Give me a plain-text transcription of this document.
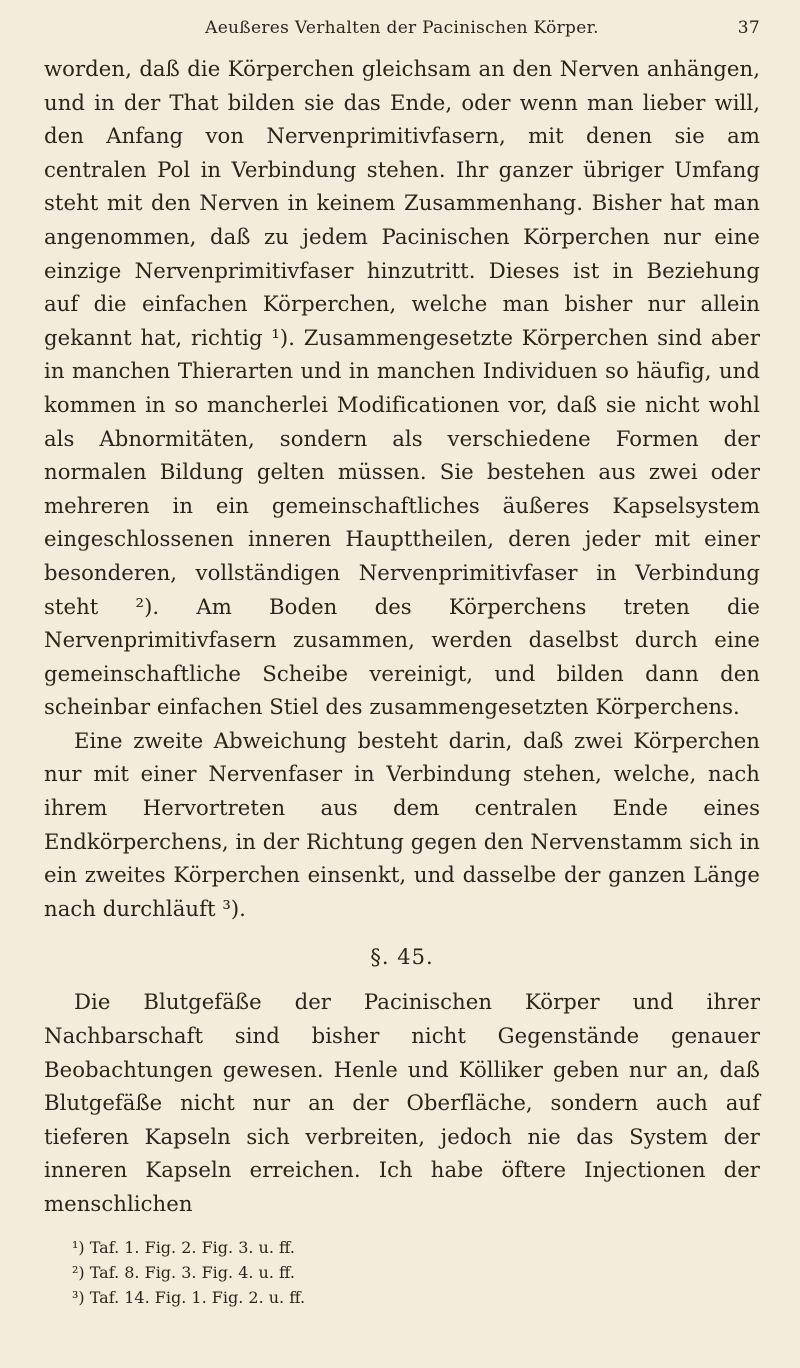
Aeußeres Verhalten der Pacinischen Körper.	37

worden, daß die Körperchen gleichsam an den Nerven anhängen, und in der That bilden sie das Ende, oder wenn man lieber will, den Anfang von Nervenprimitivfasern, mit denen sie am centralen Pol in Verbindung stehen. Ihr ganzer übriger Umfang steht mit den Nerven in keinem Zusammenhang. Bisher hat man angenommen, daß zu jedem Pacinischen Körperchen nur eine einzige Nervenprimitivfaser hinzutritt. Dieses ist in Beziehung auf die einfachen Körperchen, welche man bisher nur allein gekannt hat, richtig ¹). Zusammengesetzte Körperchen sind aber in manchen Thierarten und in manchen Individuen so häufig, und kommen in so mancherlei Modificationen vor, daß sie nicht wohl als Abnormitäten, sondern als verschiedene Formen der normalen Bildung gelten müssen. Sie bestehen aus zwei oder mehreren in ein gemeinschaftliches äußeres Kapselsystem eingeschlossenen inneren Haupttheilen, deren jeder mit einer besonderen, vollständigen Nervenprimitivfaser in Verbindung steht ²). Am Boden des Körperchens treten die Nervenprimitivfasern zusammen, werden daselbst durch eine gemeinschaftliche Scheibe vereinigt, und bilden dann den scheinbar einfachen Stiel des zusammengesetzten Körperchens.

Eine zweite Abweichung besteht darin, daß zwei Körperchen nur mit einer Nervenfaser in Verbindung stehen, welche, nach ihrem Hervortreten aus dem centralen Ende eines Endkörperchens, in der Richtung gegen den Nervenstamm sich in ein zweites Körperchen einsenkt, und dasselbe der ganzen Länge nach durchläuft ³).

§. 45.

Die Blutgefäße der Pacinischen Körper und ihrer Nachbarschaft sind bisher nicht Gegenstände genauer Beobachtungen gewesen. Henle und Kölliker geben nur an, daß Blutgefäße nicht nur an der Oberfläche, sondern auch auf tieferen Kapseln sich verbreiten, jedoch nie das System der inneren Kapseln erreichen. Ich habe öftere Injectionen der menschlichen

¹) Taf. 1. Fig. 2. Fig. 3. u. ff.
²) Taf. 8. Fig. 3. Fig. 4. u. ff.
³) Taf. 14. Fig. 1. Fig. 2. u. ff.
